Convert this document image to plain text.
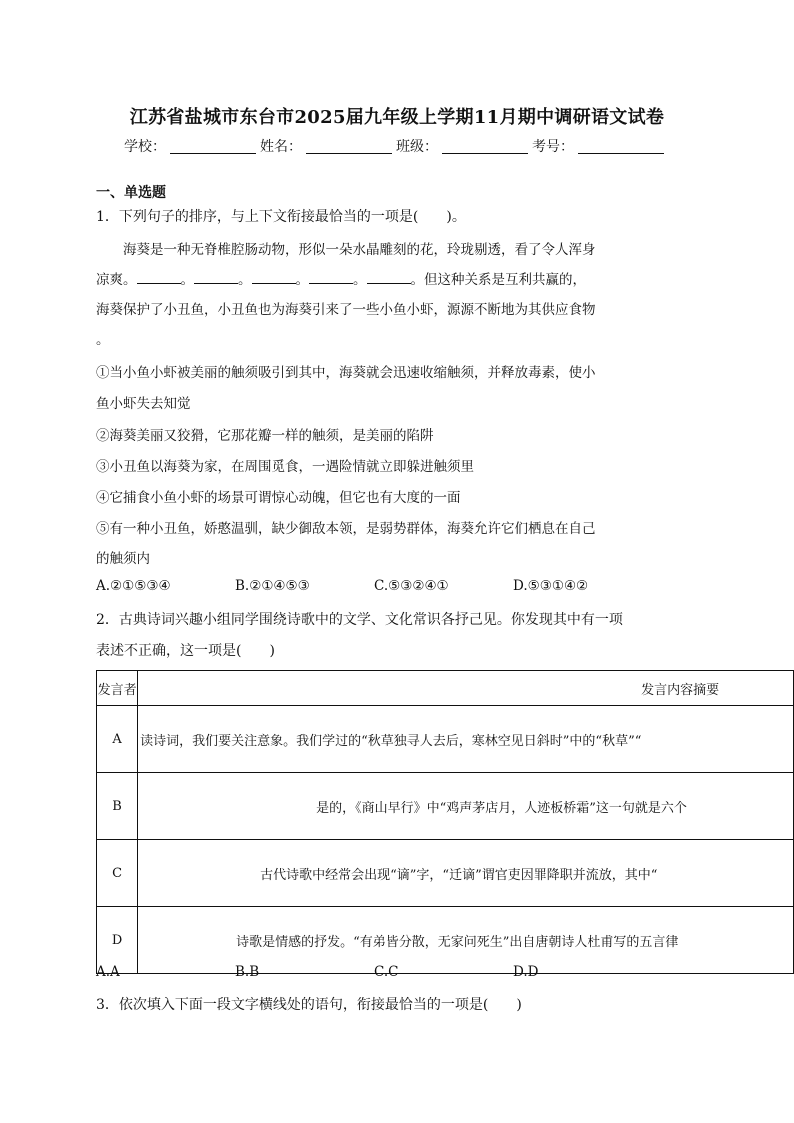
江苏省盐城市东台市2025届九年级上学期11月期中调研语文试卷
学校：	姓名：	班级：	考号：
一、单选题
1．下列句子的排序，与上下文衔接最恰当的一项是(　　)。
　　海葵是一种无脊椎腔肠动物，形似一朵水晶雕刻的花，玲珑剔透，看了令人浑身
凉爽。	。	。	。	。	。但这种关系是互利共赢的，
海葵保护了小丑鱼，小丑鱼也为海葵引来了一些小鱼小虾，源源不断地为其供应食物
。
①当小鱼小虾被美丽的触须吸引到其中，海葵就会迅速收缩触须，并释放毒素，使小
鱼小虾失去知觉
②海葵美丽又狡猾，它那花瓣一样的触须，是美丽的陷阱
③小丑鱼以海葵为家，在周围觅食，一遇险情就立即躲进触须里
④它捕食小鱼小虾的场景可谓惊心动魄，但它也有大度的一面
⑤有一种小丑鱼，娇憨温驯，缺少御敌本领，是弱势群体，海葵允许它们栖息在自己
的触须内
A.②①⑤③④	B.②①④⑤③	C.⑤③②④①	D.⑤③①④②
2．古典诗词兴趣小组同学围绕诗歌中的文学、文化常识各抒己见。你发现其中有一项
表述不正确，这一项是(　　)
发言者	发言内容摘要
A	读诗词，我们要关注意象。我们学过的“秋草独寻人去后，寒林空见日斜时”中的“秋草”“
B	是的，《商山早行》中“鸡声茅店月，人迹板桥霜”这一句就是六个
C	古代诗歌中经常会出现“谪”字，“迁谪”谓官吏因罪降职并流放，其中“
D	诗歌是情感的抒发。“有弟皆分散，无家问死生”出自唐朝诗人杜甫写的五言律
A.A	B.B	C.C	D.D
3．依次填入下面一段文字横线处的语句，衔接最恰当的一项是(　　)
